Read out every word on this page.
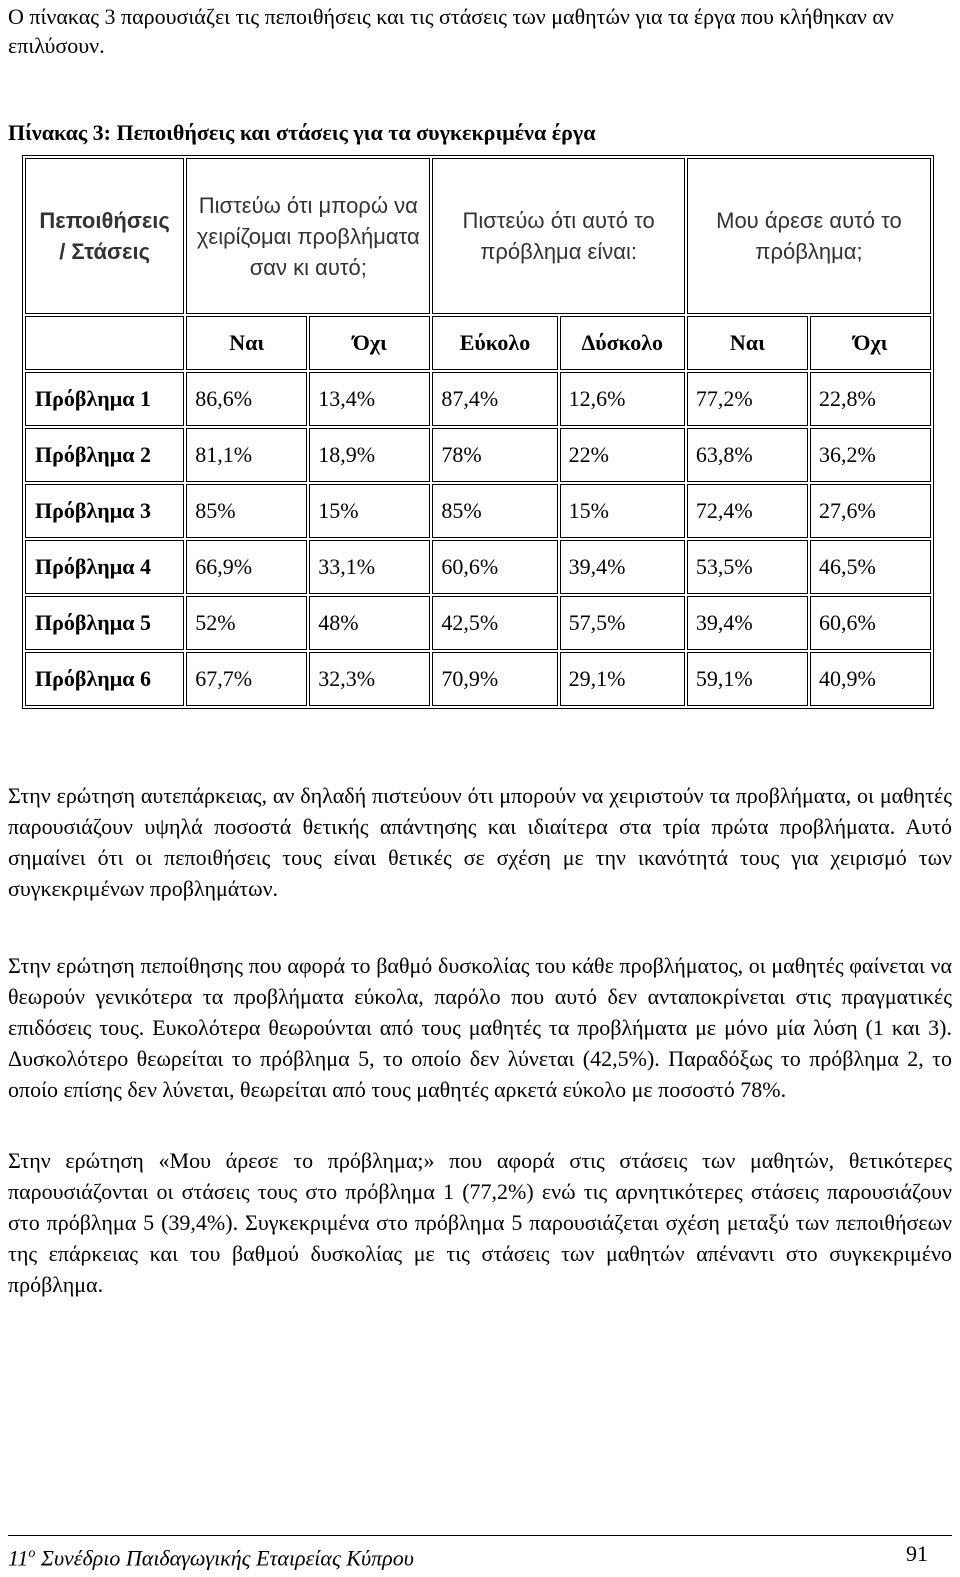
Ο πίνακας 3 παρουσιάζει τις πεποιθήσεις και τις στάσεις των μαθητών για τα έργα που κλήθηκαν αν επιλύσουν.

Πίνακας 3: Πεποιθήσεις και στάσεις για τα συγκεκριμένα έργα

Πεποιθήσεις / Στάσεις	Πιστεύω ότι μπορώ να χειρίζομαι προβλήματα σαν κι αυτό;		Πιστεύω ότι αυτό το πρόβλημα είναι:		Μου άρεσε αυτό το πρόβλημα;	
	Ναι	Όχι	Εύκολο	Δύσκολο	Ναι	Όχι
Πρόβλημα 1	86,6%	13,4%	87,4%	12,6%	77,2%	22,8%
Πρόβλημα 2	81,1%	18,9%	78%	22%	63,8%	36,2%
Πρόβλημα 3	85%	15%	85%	15%	72,4%	27,6%
Πρόβλημα 4	66,9%	33,1%	60,6%	39,4%	53,5%	46,5%
Πρόβλημα 5	52%	48%	42,5%	57,5%	39,4%	60,6%
Πρόβλημα 6	67,7%	32,3%	70,9%	29,1%	59,1%	40,9%

Στην ερώτηση αυτεπάρκειας, αν δηλαδή πιστεύουν ότι μπορούν να χειριστούν τα προβλήματα, οι μαθητές παρουσιάζουν υψηλά ποσοστά θετικής απάντησης και ιδιαίτερα στα τρία πρώτα προβλήματα. Αυτό σημαίνει ότι οι πεποιθήσεις τους είναι θετικές σε σχέση με την ικανότητά τους για χειρισμό των συγκεκριμένων προβλημάτων.

Στην ερώτηση πεποίθησης που αφορά το βαθμό δυσκολίας του κάθε προβλήματος, οι μαθητές φαίνεται να θεωρούν γενικότερα τα προβλήματα εύκολα, παρόλο που αυτό δεν ανταποκρίνεται στις πραγματικές επιδόσεις τους. Ευκολότερα θεωρούνται από τους μαθητές τα προβλήματα με μόνο μία λύση (1 και 3). Δυσκολότερο θεωρείται το πρόβλημα 5, το οποίο δεν λύνεται (42,5%). Παραδόξως το πρόβλημα 2, το οποίο επίσης δεν λύνεται, θεωρείται από τους μαθητές αρκετά εύκολο με ποσοστό 78%.

Στην ερώτηση «Μου άρεσε το πρόβλημα;» που αφορά στις στάσεις των μαθητών, θετικότερες παρουσιάζονται οι στάσεις τους στο πρόβλημα 1 (77,2%) ενώ τις αρνητικότερες στάσεις παρουσιάζουν στο πρόβλημα 5 (39,4%). Συγκεκριμένα στο πρόβλημα 5 παρουσιάζεται σχέση μεταξύ των πεποιθήσεων της επάρκειας και του βαθμού δυσκολίας με τις στάσεις των μαθητών απέναντι στο συγκεκριμένο πρόβλημα.

$11^o$ Συνέδριο Παιδαγωγικής Εταιρείας Κύπρου	91
